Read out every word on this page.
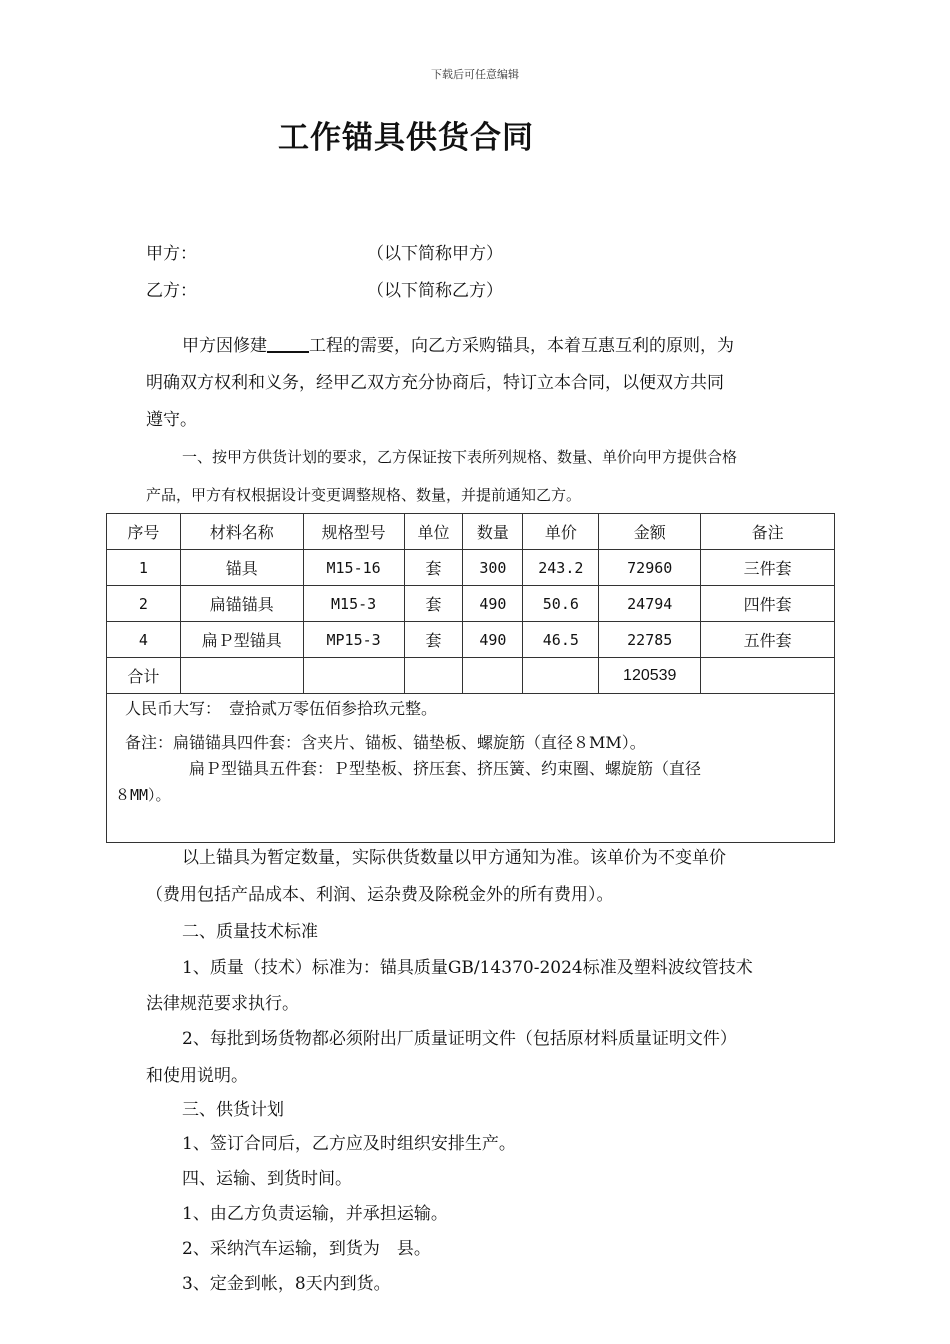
下载后可任意编辑
工作锚具供货合同
甲方：	（以下简称甲方）
乙方：	（以下简称乙方）
甲方因修建 工程的需要，向乙方采购锚具，本着互惠互利的原则，为
明确双方权利和义务，经甲乙双方充分协商后，特订立本合同，以便双方共同
遵守。
一、按甲方供货计划的要求，乙方保证按下表所列规格、数量、单价向甲方提供合格
产品，甲方有权根据设计变更调整规格、数量，并提前通知乙方。
序号	材料名称	规格型号	单位	数量	单价	金额	备注
1	锚具	M15-16	套	300	243.2	72960	三件套
2	扁锚锚具	M15-3	套	490	50.6	24794	四件套
4	扁Ｐ型锚具	MP15-3	套	490	46.5	22785	五件套
合计						120539	

人民币大写：　壹拾贰万零伍佰参拾玖元整。
备注：扁锚锚具四件套：含夹片、锚板、锚垫板、螺旋筋（直径８MM）。
扁Ｐ型锚具五件套：Ｐ型垫板、挤压套、挤压簧、约束圈、螺旋筋（直径
８MM）。							
以上锚具为暂定数量，实际供货数量以甲方通知为准。该单价为不变单价
（费用包括产品成本、利润、运杂费及除税金外的所有费用）。
二、质量技术标准
1、质量（技术）标准为：锚具质量GB/14370-2024标准及塑料波纹管技术
法律规范要求执行。
2、每批到场货物都必须附出厂质量证明文件（包括原材料质量证明文件）
和使用说明。
三、供货计划
1、签订合同后，乙方应及时组织安排生产。
四、运输、到货时间。
1、由乙方负责运输，并承担运输。
2、采纳汽车运输，到货为　县。
3、定金到帐，8天内到货。
